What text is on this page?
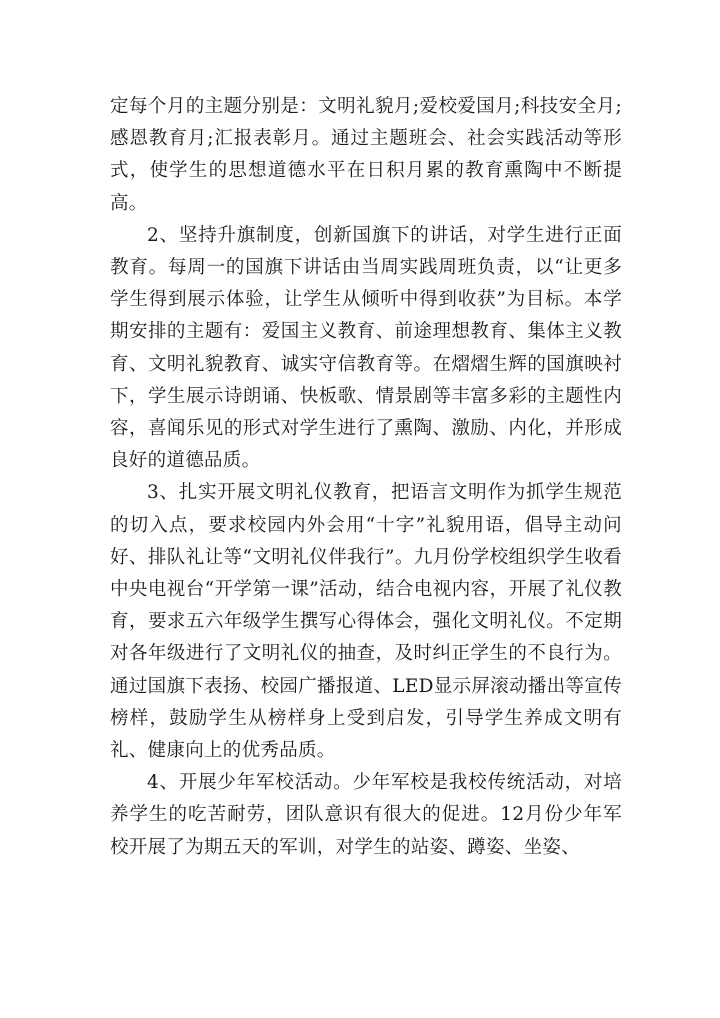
定每个月的主题分别是：文明礼貌月;爱校爱国月;科技安全月;感恩教育月;汇报表彰月。通过主题班会、社会实践活动等形式，使学生的思想道德水平在日积月累的教育熏陶中不断提高。

2、坚持升旗制度，创新国旗下的讲话，对学生进行正面教育。每周一的国旗下讲话由当周实践周班负责，以“让更多学生得到展示体验，让学生从倾听中得到收获”为目标。本学期安排的主题有：爱国主义教育、前途理想教育、集体主义教育、文明礼貌教育、诚实守信教育等。在熠熠生辉的国旗映衬下，学生展示诗朗诵、快板歌、情景剧等丰富多彩的主题性内容，喜闻乐见的形式对学生进行了熏陶、激励、内化，并形成良好的道德品质。

3、扎实开展文明礼仪教育，把语言文明作为抓学生规范的切入点，要求校园内外会用“十字”礼貌用语，倡导主动问好、排队礼让等“文明礼仪伴我行”。九月份学校组织学生收看中央电视台“开学第一课”活动，结合电视内容，开展了礼仪教育，要求五六年级学生撰写心得体会，强化文明礼仪。不定期对各年级进行了文明礼仪的抽查，及时纠正学生的不良行为。通过国旗下表扬、校园广播报道、LED显示屏滚动播出等宣传榜样，鼓励学生从榜样身上受到启发，引导学生养成文明有礼、健康向上的优秀品质。

4、开展少年军校活动。少年军校是我校传统活动，对培养学生的吃苦耐劳，团队意识有很大的促进。12月份少年军校开展了为期五天的军训，对学生的站姿、蹲姿、坐姿、
